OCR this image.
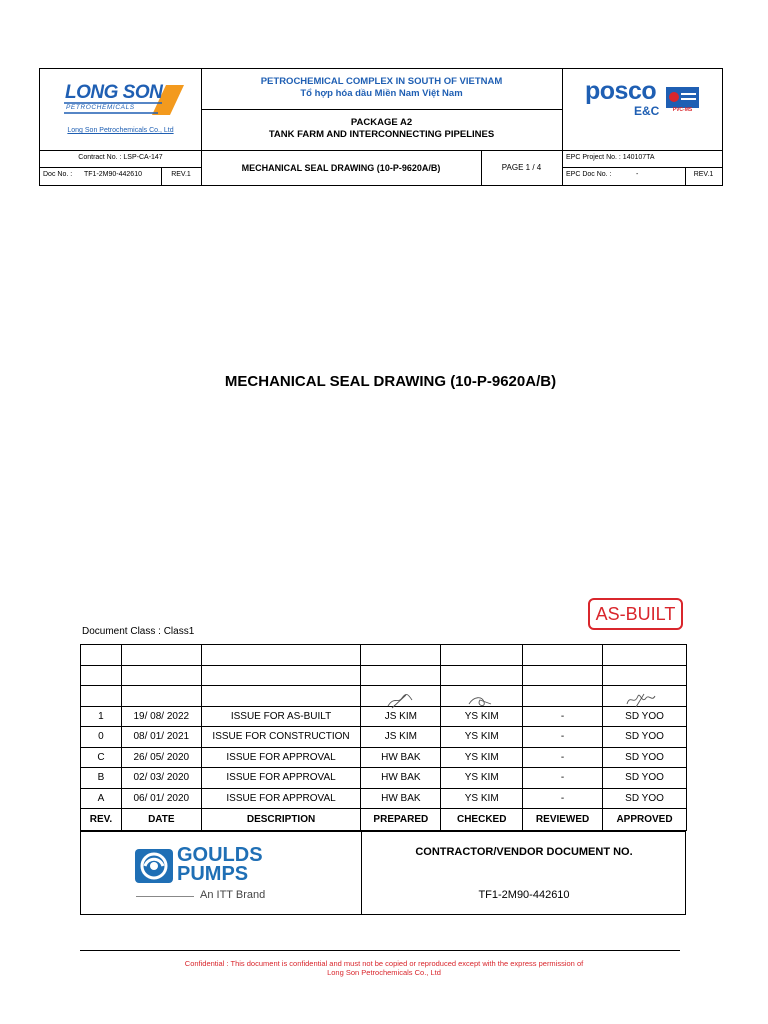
LONG SON
PETROCHEMICALS
Long Son Petrochemicals Co., Ltd
PETROCHEMICAL COMPLEX IN SOUTH OF VIETNAM
Tổ hợp hóa dầu Miền Nam Việt Nam
PACKAGE A2
TANK FARM AND INTERCONNECTING PIPELINES
Contract No. : LSP-CA-147
Doc No. : TF1-2M90-442610	REV.1
MECHANICAL SEAL DRAWING (10-P-9620A/B)	PAGE 1 / 4
posco
E&C	PVC-MS
EPC Project No. : 140107TA
EPC Doc No. :	-	REV.1
MECHANICAL SEAL DRAWING (10-P-9620A/B)
AS-BUILT
Document Class : Class1

1	19/ 08/ 2022	ISSUE FOR AS-BUILT	JS KIM	YS KIM	-	SD YOO
0	08/ 01/ 2021	ISSUE FOR CONSTRUCTION	JS KIM	YS KIM	-	SD YOO
C	26/ 05/ 2020	ISSUE FOR APPROVAL	HW BAK	YS KIM	-	SD YOO
B	02/ 03/ 2020	ISSUE FOR APPROVAL	HW BAK	YS KIM	-	SD YOO
A	06/ 01/ 2020	ISSUE FOR APPROVAL	HW BAK	YS KIM	-	SD YOO
REV.	DATE	DESCRIPTION	PREPARED	CHECKED	REVIEWED	APPROVED
GOULDS
PUMPS
An ITT Brand
CONTRACTOR/VENDOR DOCUMENT NO.
TF1-2M90-442610
Confidential : This document is confidential and must not be copied or reproduced except with the express permission of
Long Son Petrochemicals Co., Ltd
